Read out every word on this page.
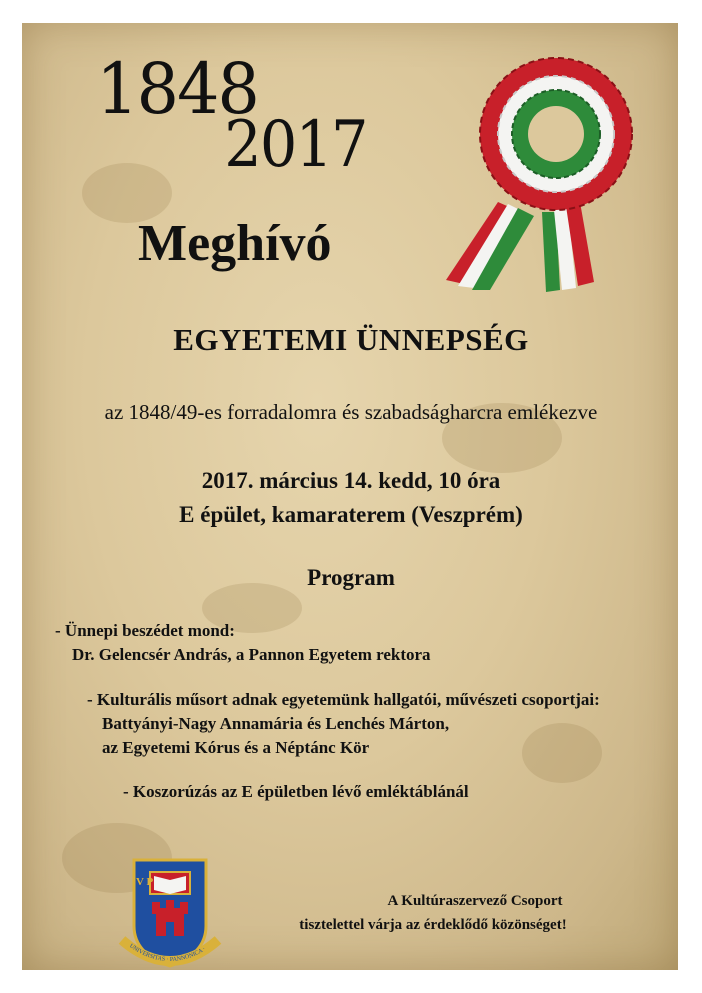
1848
2017
Meghívó
EGYETEMI ÜNNEPSÉG
az 1848/49-es forradalomra és szabadságharcra emlékezve
2017. március 14. kedd, 10 óra
E épület, kamaraterem (Veszprém)
Program
- Ünnepi beszédet mond:
Dr. Gelencsér András, a Pannon Egyetem rektora
- Kulturális műsort adnak egyetemünk hallgatói, művészeti csoportjai:
Battyányi-Nagy Annamária és Lenchés Márton,
az Egyetemi Kórus és a Néptánc Kör
- Koszorúzás az E épületben lévő emléktáblánál
V P
UNIVERSITAS · PANNONICA ·
A Kultúraszervező Csoport
tisztelettel várja az érdeklődő közönséget!
